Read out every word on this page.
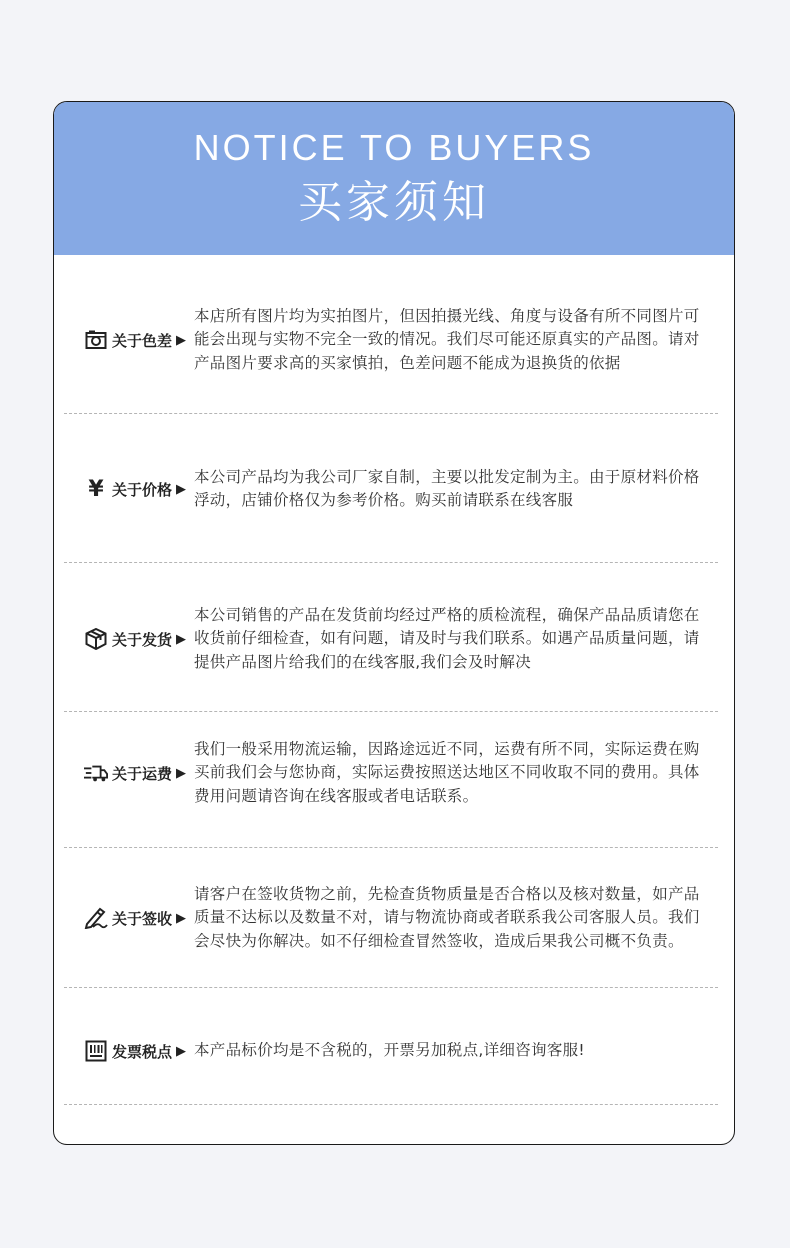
NOTICE TO BUYERS
买家须知
关于色差 ▶
本店所有图片均为实拍图片，但因拍摄光线、角度与设备有所不同图片可能会出现与实物不完全一致的情况。我们尽可能还原真实的产品图。请对产品图片要求高的买家慎拍，色差问题不能成为退换货的依据
¥ 关于价格 ▶
本公司产品均为我公司厂家自制，主要以批发定制为主。由于原材料价格浮动，店铺价格仅为参考价格。购买前请联系在线客服
关于发货 ▶
本公司销售的产品在发货前均经过严格的质检流程，确保产品品质请您在收货前仔细检查，如有问题，请及时与我们联系。如遇产品质量问题，请提供产品图片给我们的在线客服,我们会及时解决
关于运费 ▶
我们一般采用物流运输，因路途远近不同，运费有所不同，实际运费在购买前我们会与您协商，实际运费按照送达地区不同收取不同的费用。具体费用问题请咨询在线客服或者电话联系。
关于签收 ▶
请客户在签收货物之前，先检查货物质量是否合格以及核对数量，如产品质量不达标以及数量不对，请与物流协商或者联系我公司客服人员。我们会尽快为你解决。如不仔细检查冒然签收，造成后果我公司概不负责。
发票税点 ▶ 本产品标价均是不含税的，开票另加税点,详细咨询客服!
